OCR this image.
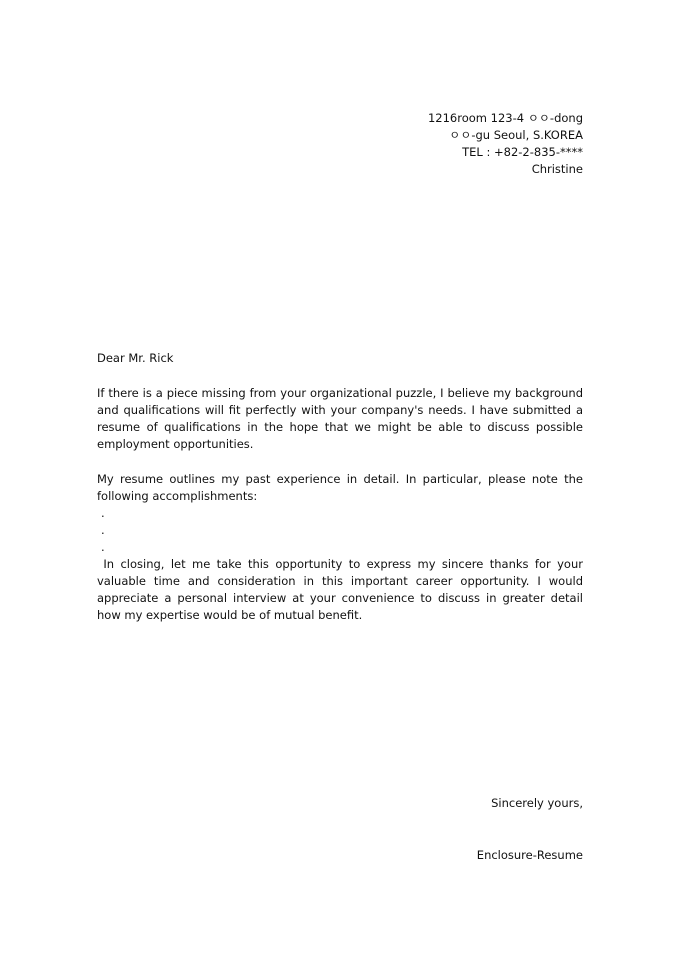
1216room 123-4 ㅇㅇ-dong
ㅇㅇ-gu Seoul, S.KOREA
TEL : +82-2-835-****
Christine
Dear Mr. Rick
If there is a piece missing from your organizational puzzle, I believe my background and qualifications will fit perfectly with your company's needs. I have submitted a resume of qualifications in the hope that we might be able to discuss possible employment opportunities.
My resume outlines my past experience in detail. In particular, please note the following accomplishments:
.
.
.
In closing, let me take this opportunity to express my sincere thanks for your valuable time and consideration in this important career opportunity. I would appreciate a personal interview at your convenience to discuss in greater detail how my expertise would be of mutual benefit.
Sincerely yours,
Enclosure-Resume
